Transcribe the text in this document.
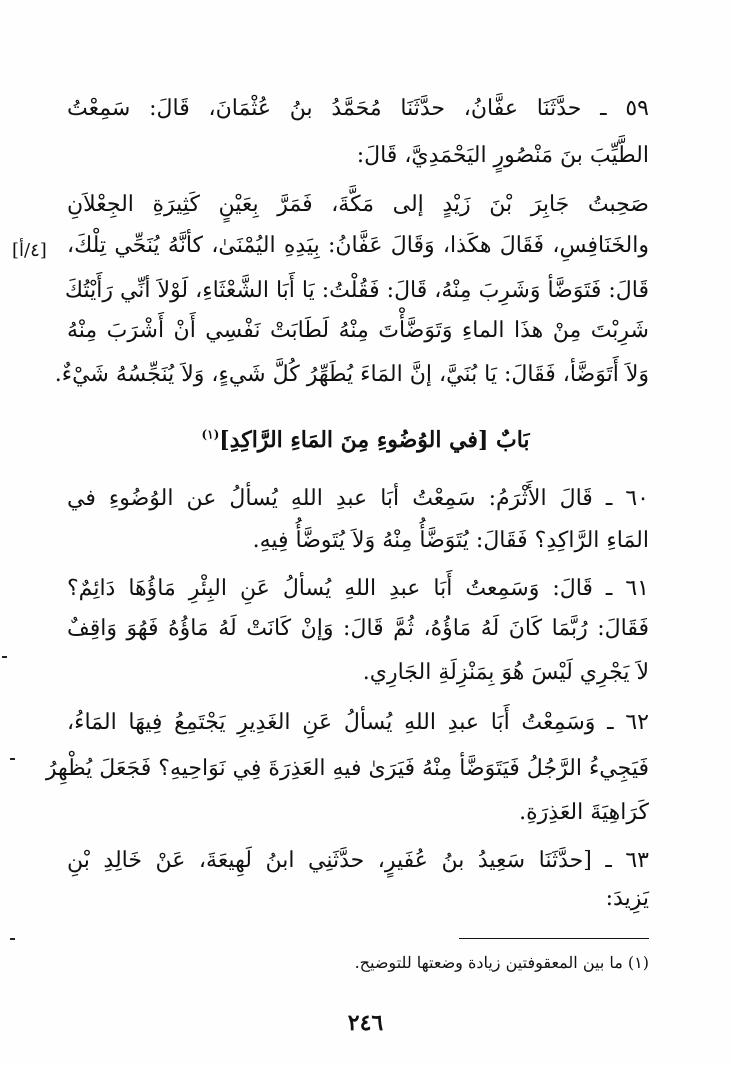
[٤/أ]
٥٩ ـ حدَّثَنَا عفَّانُ، حدَّثَنَا مُحَمَّدُ بنُ عُثْمَانَ، قَالَ: سَمِعْتُ
الطَّيِّبَ بنَ مَنْصُورٍ اليَحْمَدِيَّ، قَالَ:
صَحِبتُ جَابِرَ بْنَ زَيْدٍ إلى مَكَّةَ، فَمَرَّ بِعَيْنٍ كَثِيرَةِ الجِعْلاَنِ
والخَنَافِسِ، فَقَالَ هكَذا، وَقَالَ عَفَّانُ: بِيَدِهِ اليُمْنَىٰ، كأنَّهُ يُنَحِّي تِلْكَ،
قَالَ: فَتَوَضَّأ وَشَرِبَ مِنْهُ، قَالَ: فَقُلْتُ: يَا أَبَا الشَّعْثَاءِ، لَوْلاَ أنِّي رَأَيْتُكَ
شَرِبْتَ مِنْ هذَا الماءِ وَتَوَضَّأْتَ مِنْهُ لَطَابَتْ نَفْسِي أَنْ أَشْرَبَ مِنْهُ
وَلاَ أَتَوَضَّأ، فَقَالَ: يَا بُنَيَّ، إنَّ المَاءَ يُطَهِّرُ كُلَّ شَيءٍ، وَلاَ يُنَجِّسُهُ شَيْءٌ.
بَابٌ [في الوُضُوءِ مِنَ المَاءِ الرَّاكِدِ]$^{(١)}$
٦٠ ـ قَالَ الأَثْرَمُ: سَمِعْتُ أبَا عبدِ اللهِ يُسألُ عن الوُضُوءِ في
المَاءِ الرَّاكِدِ؟ فَقَالَ: يُتَوَضَّأُ مِنْهُ وَلاَ يُتَوضَّأُ فِيهِ.
٦١ ـ قَالَ: وَسَمِعتُ أَبَا عبدِ اللهِ يُسألُ عَنِ البِئْرِ مَاؤُهَا دَائِمٌ؟
فَقَالَ: رُبَّمَا كَانَ لَهُ مَاؤُهُ، ثُمَّ قَالَ: وَإنْ كَانَتْ لَهُ مَاؤُهُ فَهُوَ وَاقِفٌ
لاَ يَجْرِي لَيْسَ هُوَ بِمَنْزِلَةِ الجَارِي.
٦٢ ـ وَسَمِعْتُ أَبَا عبدِ اللهِ يُسألُ عَنِ الغَدِيرِ يَجْتَمِعُ فِيهَا المَاءُ،
فَيَجِيءُ الرَّجُلُ فَيَتَوَضَّأ مِنْهُ فَيَرَىٰ فيهِ العَذِرَةَ فِي نَوَاحِيهِ؟ فَجَعَلَ يُظْهِرُ
كَرَاهِيَةَ العَذِرَةِ.
٦٣ ـ [حدَّثَنَا سَعِيدُ بنُ عُفَيرٍ، حدَّثَنِي ابنُ لَهِيعَةَ، عَنْ خَالِدِ بْنِ
يَزِيدَ:
(١) ما بين المعقوفتين زيادة وضعتها للتوضيح.
٢٤٦
